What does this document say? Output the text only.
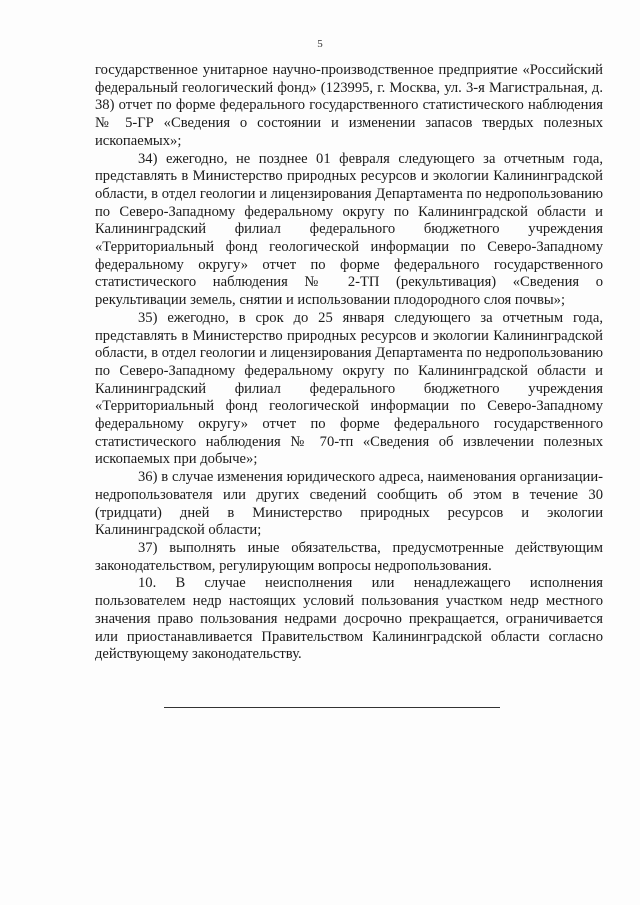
5

государственное унитарное научно-производственное предприятие «Российский федеральный геологический фонд» (123995, г. Москва, ул. 3-я Магистральная, д. 38) отчет по форме федерального государственного статистического наблюдения № 5-ГР «Сведения о состоянии и изменении запасов твердых полезных ископаемых»;

34) ежегодно, не позднее 01 февраля следующего за отчетным года, представлять в Министерство природных ресурсов и экологии Калининградской области, в отдел геологии и лицензирования Департамента по недропользованию по Северо-Западному федеральному округу по Калининградской области и Калининградский филиал федерального бюджетного учреждения «Территориальный фонд геологической информации по Северо-Западному федеральному округу» отчет по форме федерального государственного статистического наблюдения № 2-ТП (рекультивация) «Сведения о рекультивации земель, снятии и использовании плодородного слоя почвы»;

35) ежегодно, в срок до 25 января следующего за отчетным года, представлять в Министерство природных ресурсов и экологии Калининградской области, в отдел геологии и лицензирования Департамента по недропользованию по Северо-Западному федеральному округу по Калининградской области и Калининградский филиал федерального бюджетного учреждения «Территориальный фонд геологической информации по Северо-Западному федеральному округу» отчет по форме федерального государственного статистического наблюдения № 70-тп «Сведения об извлечении полезных ископаемых при добыче»;

36) в случае изменения юридического адреса, наименования организации-недропользователя или других сведений сообщить об этом в течение 30 (тридцати) дней в Министерство природных ресурсов и экологии Калининградской области;

37) выполнять иные обязательства, предусмотренные действующим законодательством, регулирующим вопросы недропользования.

10. В случае неисполнения или ненадлежащего исполнения пользователем недр настоящих условий пользования участком недр местного значения право пользования недрами досрочно прекращается, ограничивается или приостанавливается Правительством Калининградской области согласно действующему законодательству.
